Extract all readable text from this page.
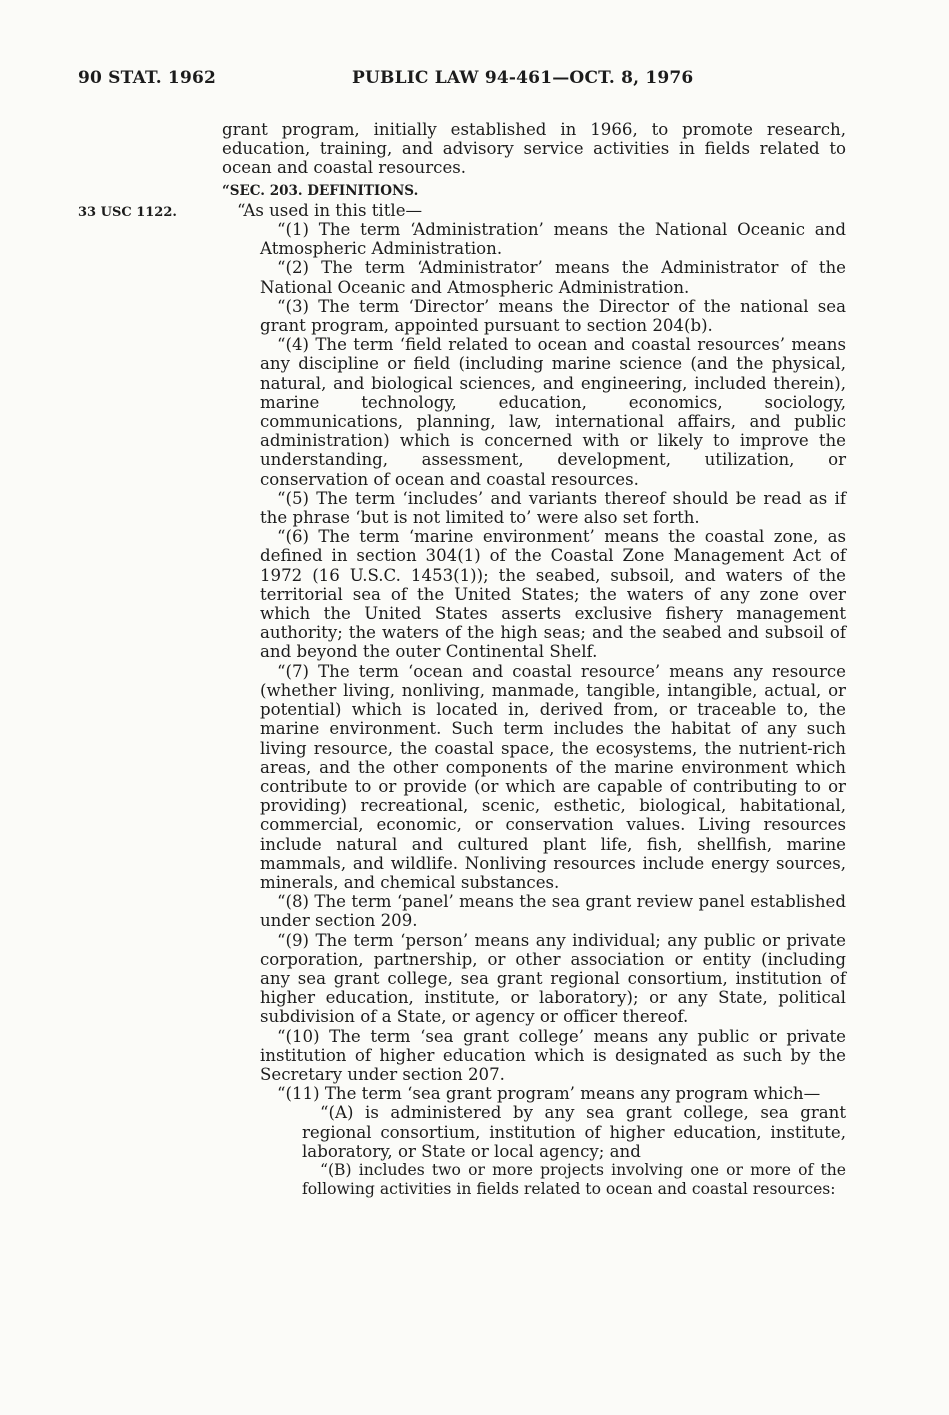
90 STAT. 1962	PUBLIC LAW 94-461—OCT. 8, 1976
33 USC 1122.

grant program, initially established in 1966, to promote research, education, training, and advisory service activities in fields related to ocean and coastal resources.

“SEC. 203. DEFINITIONS.

“As used in this title—

“(1) The term ‘Administration’ means the National Oceanic and Atmospheric Administration.

“(2) The term ‘Administrator’ means the Administrator of the National Oceanic and Atmospheric Administration.

“(3) The term ‘Director’ means the Director of the national sea grant program, appointed pursuant to section 204(b).

“(4) The term ‘field related to ocean and coastal resources’ means any discipline or field (including marine science (and the physical, natural, and biological sciences, and engineering, included therein), marine technology, education, economics, sociology, communications, planning, law, international affairs, and public administration) which is concerned with or likely to improve the understanding, assessment, development, utilization, or conservation of ocean and coastal resources.

“(5) The term ‘includes’ and variants thereof should be read as if the phrase ‘but is not limited to’ were also set forth.

“(6) The term ‘marine environment’ means the coastal zone, as defined in section 304(1) of the Coastal Zone Management Act of 1972 (16 U.S.C. 1453(1)); the seabed, subsoil, and waters of the territorial sea of the United States; the waters of any zone over which the United States asserts exclusive fishery management authority; the waters of the high seas; and the seabed and subsoil of and beyond the outer Continental Shelf.

“(7) The term ‘ocean and coastal resource’ means any resource (whether living, nonliving, manmade, tangible, intangible, actual, or potential) which is located in, derived from, or traceable to, the marine environment. Such term includes the habitat of any such living resource, the coastal space, the ecosystems, the nutrient-rich areas, and the other components of the marine environment which contribute to or provide (or which are capable of contributing to or providing) recreational, scenic, esthetic, biological, habitational, commercial, economic, or conservation values. Living resources include natural and cultured plant life, fish, shellfish, marine mammals, and wildlife. Nonliving resources include energy sources, minerals, and chemical substances.

“(8) The term ‘panel’ means the sea grant review panel established under section 209.

“(9) The term ‘person’ means any individual; any public or private corporation, partnership, or other association or entity (including any sea grant college, sea grant regional consortium, institution of higher education, institute, or laboratory); or any State, political subdivision of a State, or agency or officer thereof.

“(10) The term ‘sea grant college’ means any public or private institution of higher education which is designated as such by the Secretary under section 207.

“(11) The term ‘sea grant program’ means any program which—

“(A) is administered by any sea grant college, sea grant regional consortium, institution of higher education, institute, laboratory, or State or local agency; and

“(B) includes two or more projects involving one or more of the following activities in fields related to ocean and coastal resources:
